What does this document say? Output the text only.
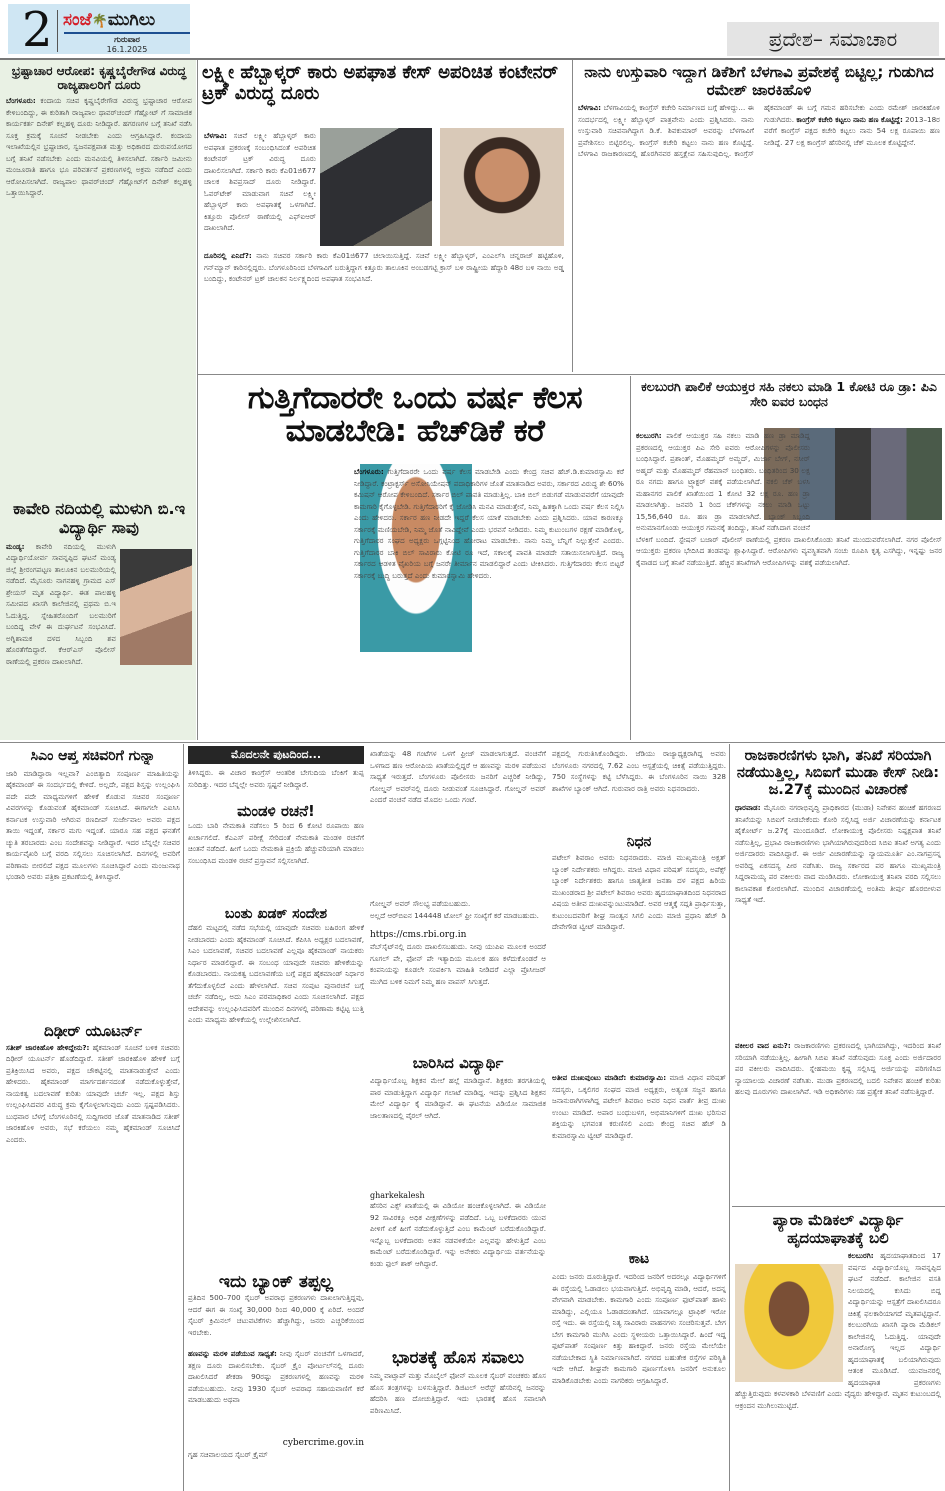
2 ಸಂಜೆ🌴ಮುಗಿಲು
ಗುರುವಾರ
16.1.2025	ಪ್ರದೇಶ– ಸಮಾಚಾರ
ಭ್ರಷ್ಟಾಚಾರ ಆರೋಪ: ಕೃಷ್ಣಬೈರೇಗೌಡ ವಿರುದ್ಧ ರಾಜ್ಯಪಾಲರಿಗೆ ದೂರು
ಬೆಂಗಳೂರು: ಕಂದಾಯ ಸಚಿವ ಕೃಷ್ಣಬೈರೇಗೌಡ ವಿರುದ್ಧ ಭ್ರಷ್ಟಾಚಾರ ಆರೋಪ ಕೇಳಿಬಂದಿದ್ದು, ಈ ಕುರಿತಾಗಿ ರಾಜ್ಯಪಾಲ ಥಾವರ್‌ಚಂದ್ ಗೆಹ್ಲೋಟ್ ಗೆ ಸಾಮಾಜಿಕ ಕಾರ್ಯಕರ್ತ ದಿನೇಶ್ ಕಲ್ಲಹಳ್ಳಿ ದೂರು ನೀಡಿದ್ದಾರೆ. ಹಗರಣಗಳ ಬಗ್ಗೆ ತನಿಖೆ ನಡೆಸಿ ಸೂಕ್ತ ಕ್ರಮಕ್ಕೆ ಸೂಚನೆ ನೀಡಬೇಕು ಎಂದು ಆಗ್ರಹಿಸಿದ್ದಾರೆ. ಕಂದಾಯ ಇಲಾಖೆಯಲ್ಲಿನ ಭ್ರಷ್ಟಾಚಾರ, ಸ್ವಜನಪಕ್ಷಪಾತ ಮತ್ತು ಅಧಿಕಾರದ ದುರುಪಯೋಗದ ಬಗ್ಗೆ ತನಿಖೆ ನಡೆಸಬೇಕು ಎಂದು ಮನವಿಯಲ್ಲಿ ತಿಳಿಸಲಾಗಿದೆ. ಸರ್ಕಾರಿ ಜಮೀನು ಮಂಜೂರಾತಿ ಹಾಗೂ ಭೂ ಪರಿವರ್ತನೆ ಪ್ರಕರಣಗಳಲ್ಲಿ ಅಕ್ರಮ ನಡೆದಿದೆ ಎಂದು ಆರೋಪಿಸಲಾಗಿದೆ. ರಾಜ್ಯಪಾಲ ಥಾವರ್‌ಚಂದ್ ಗೆಹ್ಲೋಟ್‌ಗೆ ದಿನೇಶ್ ಕಲ್ಲಹಳ್ಳಿ ಒತ್ತಾಯಿಸಿದ್ದಾರೆ.
ಕಾವೇರಿ ನದಿಯಲ್ಲಿ ಮುಳುಗಿ ಬಿ.ಇ ವಿದ್ಯಾರ್ಥಿ ಸಾವು
ಮಂಡ್ಯ: ಕಾವೇರಿ ನದಿಯಲ್ಲಿ ಮುಳುಗಿ ವಿದ್ಯಾರ್ಥಿಯೋರ್ವ ಸಾವನ್ನಪ್ಪಿದ ಘಟನೆ ಮಂಡ್ಯ ಜಿಲ್ಲೆ ಶ್ರೀರಂಗಪಟ್ಟಣ ತಾಲೂಕಿನ ಬಲಮುರಿಯಲ್ಲಿ ನಡೆದಿದೆ. ಮೈಸೂರು ನಾಗನಹಳ್ಳಿ ಗ್ರಾಮದ ಎಸ್ ಶ್ರೇಯಸ್ ಮೃತ ವಿದ್ಯಾರ್ಥಿ. ಈತ ಪಾಲಹಳ್ಳಿ ಸಮೀಪದ ಖಾಸಗಿ ಕಾಲೇಜಿನಲ್ಲಿ ಪ್ರಥಮ ಬಿ.ಇ ಓದುತ್ತಿದ್ದ. ಸ್ನೇಹಿತರೊಂದಿಗೆ ಬಲಮುರಿಗೆ ಬಂದಿದ್ದ ವೇಳೆ ಈ ದುರ್ಘಟನೆ ಸಂಭವಿಸಿದೆ. ಅಗ್ನಿಶಾಮಕ ದಳದ ಸಿಬ್ಬಂದಿ ಶವ ಹೊರತೆಗೆದಿದ್ದಾರೆ. ಕೆಆರ್‌ಎಸ್ ಪೊಲೀಸ್ ಠಾಣೆಯಲ್ಲಿ ಪ್ರಕರಣ ದಾಖಲಾಗಿದೆ.
ಲಕ್ಷ್ಮೀ ಹೆಬ್ಬಾಳ್ಕರ್ ಕಾರು ಅಪಘಾತ ಕೇಸ್ ಅಪರಿಚಿತ ಕಂಟೇನರ್ ಟ್ರಕ್ ವಿರುದ್ಧ ದೂರು
ಬೆಳಗಾವಿ: ಸಚಿವೆ ಲಕ್ಷ್ಮೀ ಹೆಬ್ಬಾಳ್ಕರ್ ಕಾರು ಅಪಘಾತ ಪ್ರಕರಣಕ್ಕೆ ಸಂಬಂಧಿಸಿದಂತೆ ಅಪರಿಚಿತ ಕಂಟೇನರ್ ಟ್ರಕ್ ವಿರುದ್ಧ ದೂರು ದಾಖಲಿಸಲಾಗಿದೆ. ಸರ್ಕಾರಿ ಕಾರು ಕೆಎ01ಜಿ677 ಚಾಲಕ ಶಿವಪ್ರಸಾದ್ ದೂರು ನೀಡಿದ್ದಾರೆ. ಓವರ್‌ಟೇಕ್ ಮಾಡುವಾಗ ಸಚಿವೆ ಲಕ್ಷ್ಮೀ ಹೆಬ್ಬಾಳ್ಕರ್ ಕಾರು ಅಪಘಾತಕ್ಕೆ ಒಳಗಾಗಿದೆ. ಕಿತ್ತೂರು ಪೊಲೀಸ್ ಠಾಣೆಯಲ್ಲಿ ಎಫ್‌ಐಆರ್ ದಾಖಲಾಗಿದೆ.
ದೂರಿನಲ್ಲಿ ಏನಿದೆ?: ನಾನು ಸಚಿವರ ಸರ್ಕಾರಿ ಕಾರು ಕೆಎ01ಜಿ677 ಚಲಾಯಿಸುತ್ತಿದ್ದೆ. ಸಚಿವೆ ಲಕ್ಷ್ಮೀ ಹೆಬ್ಬಾಳ್ಕರ್, ಎಂಎಲ್‌ಸಿ ಚನ್ನರಾಜ್ ಹಟ್ಟಿಹೊಳಿ, ಗನ್‌ಮ್ಯಾನ್ ಕಾರಿನಲ್ಲಿದ್ದರು. ಬೆಂಗಳೂರಿನಿಂದ ಬೆಳಗಾವಿಗೆ ಬರುತ್ತಿದ್ದಾಗ ಕಿತ್ತೂರು ತಾಲೂಕಿನ ಅಂಬಡಗಟ್ಟಿ ಕ್ರಾಸ್ ಬಳಿ ರಾಷ್ಟ್ರೀಯ ಹೆದ್ದಾರಿ 48ರ ಬಳಿ ನಾಯಿ ಅಡ್ಡ ಬಂದಿದ್ದು, ಕಂಟೇನರ್ ಟ್ರಕ್ ಚಾಲಕನ ನಿರ್ಲಕ್ಷ್ಯದಿಂದ ಅಪಘಾತ ಸಂಭವಿಸಿದೆ.
ನಾನು ಉಸ್ತುವಾರಿ ಇದ್ದಾಗ ಡಿಕೆಶಿಗೆ ಬೆಳಗಾವಿ ಪ್ರವೇಶಕ್ಕೆ ಬಿಟ್ಟಿಲ್ಲ; ಗುಡುಗಿದ ರಮೇಶ್ ಜಾರಕಿಹೊಳಿ
ಬೆಳಗಾವಿ: ಬೆಳಗಾವಿಯಲ್ಲಿ ಕಾಂಗ್ರೆಸ್ ಕಚೇರಿ ನಿರ್ಮಾಣದ ಬಗ್ಗೆ ಹೇಳಿದ್ದು... ಈ ಸಂದರ್ಭದಲ್ಲಿ ಲಕ್ಷ್ಮೀ ಹೆಬ್ಬಾಳ್ಕರ್ ಪಾತ್ರವೇನು ಎಂದು ಪ್ರಶ್ನಿಸಿದರು. ನಾನು ಉಸ್ತುವಾರಿ ಸಚಿವನಾಗಿದ್ದಾಗ ಡಿ.ಕೆ. ಶಿವಕುಮಾರ್ ಅವರನ್ನು ಬೆಳಗಾವಿಗೆ ಪ್ರವೇಶಿಸಲು ಬಿಟ್ಟಿರಲಿಲ್ಲ. ಕಾಂಗ್ರೆಸ್ ಕಚೇರಿ ಕಟ್ಟಲು ನಾನು ಹಣ ಕೊಟ್ಟಿದ್ದೆ. ಬೆಳಗಾವಿ ರಾಜಕಾರಣದಲ್ಲಿ ಹೊರಗಿನವರ ಹಸ್ತಕ್ಷೇಪ ಸಹಿಸುವುದಿಲ್ಲ. ಕಾಂಗ್ರೆಸ್ ಹೈಕಮಾಂಡ್ ಈ ಬಗ್ಗೆ ಗಮನ ಹರಿಸಬೇಕು ಎಂದು ರಮೇಶ್ ಜಾರಕಿಹೊಳಿ ಗುಡುಗಿದರು. ಕಾಂಗ್ರೆಸ್ ಕಚೇರಿ ಕಟ್ಟಲು ನಾನು ಹಣ ಕೊಟ್ಟಿದ್ದೆ: 2013–18ರ ವರೆಗೆ ಕಾಂಗ್ರೆಸ್ ಪಕ್ಷದ ಕಚೇರಿ ಕಟ್ಟಲು ನಾನು 54 ಲಕ್ಷ ರೂಪಾಯಿ ಹಣ ನೀಡಿದ್ದೆ. 27 ಲಕ್ಷ ಕಾಂಗ್ರೆಸ್ ಹೆಸರಿನಲ್ಲಿ ಚೆಕ್ ಮೂಲಕ ಕೊಟ್ಟಿದ್ದೇನೆ.
ಗುತ್ತಿಗೆದಾರರೇ ಒಂದು ವರ್ಷ ಕೆಲಸ ಮಾಡಬೇಡಿ: ಹೆಚ್‌ಡಿಕೆ ಕರೆ
ಬೆಂಗಳೂರು: ಗುತ್ತಿಗೆದಾರರೇ ಒಂದು ವರ್ಷ ಕೆಲಸ ಮಾಡಬೇಡಿ ಎಂದು ಕೇಂದ್ರ ಸಚಿವ ಹೆಚ್.ಡಿ.ಕುಮಾರಸ್ವಾಮಿ ಕರೆ ನೀಡಿದ್ದಾರೆ. ಕಂಟ್ರಾಕ್ಟರ್ಸ್ ಅಸೋಸಿಯೇಷನ್ ಪದಾಧಿಕಾರಿಗಳ ಜೊತೆ ಮಾತನಾಡಿದ ಅವರು, ಸರ್ಕಾರದ ವಿರುದ್ಧ ಶೇ 60% ಕಮಿಷನ್ ಆರೋಪ ಕೇಳಿಬಂದಿದೆ. ಸರ್ಕಾರ ಬಿಲ್ ಪಾವತಿ ಮಾಡುತ್ತಿಲ್ಲ. ಬಾಕಿ ಬಿಲ್ ಬಿಡುಗಡೆ ಮಾಡುವವರೆಗೆ ಯಾವುದೇ ಕಾಮಗಾರಿ ಕೈಗೊಳ್ಳಬೇಡಿ. ಗುತ್ತಿಗೆದಾರರಿಗೆ ಕೈ ಜೋಡಿಸಿ ಮನವಿ ಮಾಡುತ್ತೇನೆ, ನಿಮ್ಮ ಹಿತಕ್ಕಾಗಿ ಒಂದು ವರ್ಷ ಕೆಲಸ ನಿಲ್ಲಿಸಿ ಎಂದು ಹೇಳಿದರು. ಸರ್ಕಾರ ಹಣ ನೀಡದೇ ಇದ್ದರೆ ಕೆಲಸ ಯಾಕೆ ಮಾಡಬೇಕು ಎಂದು ಪ್ರಶ್ನಿಸಿದರು. ಯಾವ ಕಾರಣಕ್ಕೂ ಸರ್ಕಾರಕ್ಕೆ ಮಣಿಯಬೇಡಿ, ನಿಮ್ಮ ಜೊತೆ ನಾವಿದ್ದೇವೆ ಎಂದು ಭರವಸೆ ನೀಡಿದರು. ನಿಮ್ಮ ಕುಟುಂಬಗಳ ರಕ್ಷಣೆ ಮಾಡಿಕೊಳ್ಳಿ, ಗುತ್ತಿಗೆದಾರರ ಸಂಘದ ಅಧ್ಯಕ್ಷರು ಒಗ್ಗಟ್ಟಿನಿಂದ ಹೋರಾಟ ಮಾಡಬೇಕು. ನಾನು ನಿಮ್ಮ ಬೆನ್ನಿಗೆ ನಿಲ್ಲುತ್ತೇನೆ ಎಂದರು. ಗುತ್ತಿಗೆದಾರರ ಬಾಕಿ ಬಿಲ್ ಸಾವಿರಾರು ಕೋಟಿ ರೂ ಇದೆ, ಸಕಾಲಕ್ಕೆ ಪಾವತಿ ಮಾಡದೇ ಸತಾಯಿಸಲಾಗುತ್ತಿದೆ. ರಾಜ್ಯ ಸರ್ಕಾರದ ಆಡಳಿತ ವೈಖರಿಯ ಬಗ್ಗೆ ಜನರೇ ತೀರ್ಮಾನ ಮಾಡಲಿದ್ದಾರೆ ಎಂದು ಟೀಕಿಸಿದರು. ಗುತ್ತಿಗೆದಾರರು ಕೆಲಸ ಬಿಟ್ಟರೆ ಸರ್ಕಾರಕ್ಕೆ ಬುದ್ಧಿ ಬರುತ್ತದೆ ಎಂದು ಕುಮಾರಸ್ವಾಮಿ ಹೇಳಿದರು.
ಕಲಬುರಗಿ ಪಾಲಿಕೆ ಆಯುಕ್ತರ ಸಹಿ ನಕಲು ಮಾಡಿ 1 ಕೋಟಿ ರೂ ಡ್ರಾ: ಪಿಎ ಸೇರಿ ಐವರ ಬಂಧನ
ಕಲಬುರಗಿ: ಪಾಲಿಕೆ ಆಯುಕ್ತರ ಸಹಿ ನಕಲು ಮಾಡಿ ಹಣ ಡ್ರಾ ಮಾಡಿದ್ದ ಪ್ರಕರಣದಲ್ಲಿ ಆಯುಕ್ತರ ಪಿಎ ಸೇರಿ ಐವರು ಆರೋಪಿಗಳನ್ನು ಪೊಲೀಸರು ಬಂಧಿಸಿದ್ದಾರೆ. ಪ್ರಶಾಂತ್, ಮೊಹಮ್ಮದ್ ಅಮ್ಜದ್, ಮಿರ್ಜಾ ಬೇಗ್, ನಸೀರ್ ಅಹ್ಮದ್ ಮತ್ತು ಮೊಹಮ್ಮದ್ ರೆಹಮಾನ್ ಬಂಧಿತರು. ಬಂಧಿತರಿಂದ 30 ಲಕ್ಷ ರೂ ನಗದು ಹಾಗೂ ಟ್ರ್ಯಾಕ್ಟರ್ ವಶಕ್ಕೆ ಪಡೆಯಲಾಗಿದೆ. ನಕಲಿ ಚೆಕ್ ಬಳಸಿ ಮಹಾನಗರ ಪಾಲಿಕೆ ಖಾತೆಯಿಂದ 1 ಕೋಟಿ 32 ಲಕ್ಷ ರೂ. ಹಣ ಡ್ರಾ ಮಾಡಲಾಗಿತ್ತು. ಜನವರಿ 1 ರಿಂದ ಚೆಕ್‌ಗಳನ್ನು ನಕಲು ಮಾಡಿ ಒಟ್ಟು 15,56,640 ರೂ. ಹಣ ಡ್ರಾ ಮಾಡಲಾಗಿದೆ. ಬ್ಯಾಂಕ್ ಸಿಬ್ಬಂದಿ ಅನುಮಾನಗೊಂಡು ಆಯುಕ್ತರ ಗಮನಕ್ಕೆ ತಂದಿದ್ದು, ತನಿಖೆ ನಡೆಸಿದಾಗ ವಂಚನೆ ಬೆಳಕಿಗೆ ಬಂದಿದೆ. ಸ್ಟೇಷನ್ ಬಜಾರ್ ಪೊಲೀಸ್ ಠಾಣೆಯಲ್ಲಿ ಪ್ರಕರಣ ದಾಖಲಿಸಿಕೊಂಡು ತನಿಖೆ ಮುಂದುವರೆಸಲಾಗಿದೆ. ನಗರ ಪೊಲೀಸ್ ಆಯುಕ್ತರು ಪ್ರಕರಣ ಭೇದಿಸಿದ ತಂಡವನ್ನು ಶ್ಲಾಘಿಸಿದ್ದಾರೆ. ಆರೋಪಿಗಳು ವ್ಯವಸ್ಥಿತವಾಗಿ ಸಂಚು ರೂಪಿಸಿ ಕೃತ್ಯ ಎಸಗಿದ್ದು, ಇನ್ನಷ್ಟು ಜನರ ಕೈವಾಡದ ಬಗ್ಗೆ ತನಿಖೆ ನಡೆಯುತ್ತಿದೆ. ಹೆಚ್ಚಿನ ತನಿಖೆಗಾಗಿ ಆರೋಪಿಗಳನ್ನು ವಶಕ್ಕೆ ಪಡೆಯಲಾಗಿದೆ.
ಸಿಎಂ ಆಪ್ತ ಸಚಿವರಿಗೆ ಗುನ್ನಾ
ಜಾರಿ ಮಾಡಿದ್ದಾರಾ ಇಲ್ಲವಾ? ಎಂಬಿತ್ಯಾದಿ ಸಂಪೂರ್ಣ ಮಾಹಿತಿಯನ್ನು ಹೈಕಮಾಂಡ್ ಈ ಸಂದರ್ಭದಲ್ಲಿ ಕೇಳಿದೆ. ಅಲ್ಲದೇ, ಪಕ್ಷದ ಶಿಸ್ತನ್ನು ಉಲ್ಲಂಘಿಸಿ ಪದೇ ಪದೇ ಮಾಧ್ಯಮಗಳಿಗೆ ಹೇಳಿಕೆ ಕೊಡುವ ಸಚಿವರ ಸಂಪೂರ್ಣ ವಿವರಗಳನ್ನು ಕೊಡುವಂತೆ ಹೈಕಮಾಂಡ್ ಸೂಚಿಸಿದೆ. ಈಗಾಗಲೇ ಎಐಸಿಸಿ ಕರ್ನಾಟಕ ಉಸ್ತುವಾರಿ ಆಗಿರುವ ರಣದೀಪ್ ಸುರ್ಜೇವಾಲ ಅವರು ಪಕ್ಷದ ತಾಯಿ ಇದ್ದಂತೆ, ಸರ್ಕಾರ ಮಗು ಇದ್ದಂತೆ. ಯಾರೂ ಸಹ ಪಕ್ಷದ ಘನತೆಗೆ ಚ್ಯುತಿ ತರಬಾರದು ಎಂಬ ಸಂದೇಶವನ್ನು ನೀಡಿದ್ದಾರೆ. ಇದರ ಬೆನ್ನಲ್ಲೇ ಸಚಿವರ ಕಾರ್ಯವೈಖರಿ ಬಗ್ಗೆ ವರದಿ ಸಲ್ಲಿಸಲು ಸೂಚಿಸಲಾಗಿದೆ. ದಿನಗಳಲ್ಲಿ ಅವರಿಗೆ ಪರಿಣಾಮ ಬೀರಲಿದೆ ಪಕ್ಷದ ಮೂಲಗಳು ಸೂಚಿಸಿದ್ದಾರೆ ಎಂದು ಮಂಜುನಾಥ ಭಂಡಾರಿ ಅವರು ಪತ್ರಿಕಾ ಪ್ರಕಟಣೆಯಲ್ಲಿ ತಿಳಿಸಿದ್ದಾರೆ.
ದಿಢೀರ್ ಯೂಟರ್ನ್
ಸತೀಶ್ ಜಾರಕಿಹೊಳಿ ಹೇಳಿದ್ದೇನು?: ಹೈಕಮಾಂಡ್ ಸೂಚನೆ ಬಳಿಕ ಸಚಿವರು ದಿಢೀರ್ ಯೂಟರ್ನ್ ಹೊಡೆದಿದ್ದಾರೆ. ಸತೀಶ್ ಜಾರಕಿಹೊಳಿ ಹೇಳಿಕೆ ಬಗ್ಗೆ ಪ್ರತಿಕ್ರಿಯಿಸಿದ ಅವರು, ಪಕ್ಷದ ಚೌಕಟ್ಟಿನಲ್ಲಿ ಮಾತನಾಡುತ್ತೇವೆ ಎಂದು ಹೇಳಿದರು. ಹೈಕಮಾಂಡ್ ಮಾರ್ಗದರ್ಶನದಂತೆ ನಡೆದುಕೊಳ್ಳುತ್ತೇವೆ, ನಾಯಕತ್ವ ಬದಲಾವಣೆ ಕುರಿತು ಯಾವುದೇ ಚರ್ಚೆ ಇಲ್ಲ. ಪಕ್ಷದ ಶಿಸ್ತು ಉಲ್ಲಂಘಿಸಿದವರ ವಿರುದ್ಧ ಕ್ರಮ ಕೈಗೊಳ್ಳಲಾಗುವುದು ಎಂದು ಸ್ಪಷ್ಟಪಡಿಸಿದರು. ಬುಧವಾರ ಬೆಳಗ್ಗೆ ಬೆಂಗಳೂರಿನಲ್ಲಿ ಸುದ್ದಿಗಾರರ ಜೊತೆ ಮಾತನಾಡಿದ ಸತೀಶ್ ಜಾರಕಿಹೊಳಿ ಅವರು, ಸಭೆ ಕರೆಯಲು ನಮ್ಮ ಹೈಕಮಾಂಡ್ ಸೂಚಿಸಿದೆ ಎಂದರು.
ಮೊದಲನೇ ಪುಟದಿಂದ...
ತಿಳಿಸಿದ್ದರು. ಈ ವಿಚಾರ ಕಾಂಗ್ರೆಸ್ ಆಂತರಿಕ ಬೇಗುದಿಯ ಬೆಂಕಿಗೆ ತುಪ್ಪ ಸುರಿದಿತ್ತು. ಇದರ ಬೆನ್ನಲ್ಲೇ ಅವರು ಸ್ಪಷ್ಟನೆ ನೀಡಿದ್ದಾರೆ.
ಮಂಡಳಿ ರಚನೆ!
ಒಂದು ಬಾರಿ ನೇಮಕಾತಿ ನಡೆಸಲು 5 ರಿಂದ 6 ಕೋಟಿ ರೂಪಾಯಿ ಹಣ ಖರ್ಚಾಗಲಿದೆ. ಕೆಎಎಸ್ ಪರೀಕ್ಷೆ ಸೇರಿದಂತೆ ನೇಮಕಾತಿ ಮಂಡಳಿ ರಚನೆಗೆ ಚಿಂತನೆ ನಡೆದಿದೆ. ಹೀಗೆ ಒಂದು ನೇಮಕಾತಿ ಪ್ರಕ್ರಿಯೆ ಹೆಚ್ಚುವರಿಯಾಗಿ ಮಾಡಲು ಸಂಬಂಧಿಸಿದ ಮಂಡಳಿ ರಚನೆ ಪ್ರಸ್ತಾವನೆ ಸಲ್ಲಿಸಲಾಗಿದೆ.
ಬಂತು ಖಡಕ್ ಸಂದೇಶ
ದೆಹಲಿ ಮಟ್ಟದಲ್ಲಿ ನಡೆದ ಸಭೆಯಲ್ಲಿ ಯಾವುದೇ ಸಚಿವರು ಬಹಿರಂಗ ಹೇಳಿಕೆ ನೀಡಬಾರದು ಎಂದು ಹೈಕಮಾಂಡ್ ಸೂಚಿಸಿದೆ. ಕೆಪಿಸಿಸಿ ಅಧ್ಯಕ್ಷರ ಬದಲಾವಣೆ, ಸಿಎಂ ಬದಲಾವಣೆ, ಸಚಿವರ ಬದಲಾವಣೆ ಎಲ್ಲವೂ ಹೈಕಮಾಂಡ್ ನಾಯಕರು ನಿರ್ಧಾರ ಮಾಡಲಿದ್ದಾರೆ. ಈ ಸಂಬಂಧ ಯಾವುದೇ ಸಚಿವರು ಹೇಳಿಕೆಯನ್ನು ಕೊಡಬಾರದು. ನಾಯಕತ್ವ ಬದಲಾವಣೆಯ ಬಗ್ಗೆ ಪಕ್ಷದ ಹೈಕಮಾಂಡ್ ನಿರ್ಧಾರ ತೆಗೆದುಕೊಳ್ಳಲಿದೆ ಎಂದು ಹೇಳಲಾಗಿದೆ. ಸಚಿವ ಸಂಪುಟ ಪುನಾರಚನೆ ಬಗ್ಗೆ ಚರ್ಚೆ ನಡೆದಿಲ್ಲ, ಅದು ಸಿಎಂ ಪರಮಾಧಿಕಾರ ಎಂದು ಸೂಚಿಸಲಾಗಿದೆ. ಪಕ್ಷದ ಆದೇಶವನ್ನು ಉಲ್ಲಂಘಿಸಿದವರಿಗೆ ಮುಂದಿನ ದಿನಗಳಲ್ಲಿ ಪರಿಣಾಮ ಕಟ್ಟಿಟ್ಟ ಬುತ್ತಿ ಎಂದು ಮಾಧ್ಯಮ ಹೇಳಿಕೆಯಲ್ಲಿ ಉಲ್ಲೇಖಿಸಲಾಗಿದೆ.
ಇದು ಬ್ಯಾಂಕ್ ತಪ್ಪಲ್ಲ
ಪ್ರತಿದಿನ 500–700 ಸೈಬರ್ ಅಪರಾಧ ಪ್ರಕರಣಗಳು ದಾಖಲಾಗುತ್ತಿದ್ದವು, ಆದರೆ ಈಗ ಈ ಸಂಖ್ಯೆ 30,000 ರಿಂದ 40,000 ಕ್ಕೆ ಏರಿದೆ. ಅಂದರೆ ಸೈಬರ್ ಕ್ರಿಮಿನಲ್ ಚಟುವಟಿಕೆಗಳು ಹೆಚ್ಚಾಗಿದ್ದು, ಜನರು ಎಚ್ಚರಿಕೆಯಿಂದ ಇರಬೇಕು.
ಹಣವನ್ನು ಮರಳಿ ಪಡೆಯುವ ಸಾಧ್ಯತೆ: ನೀವು ಸೈಬರ್ ವಂಚನೆಗೆ ಒಳಗಾದರೆ, ತಕ್ಷಣ ದೂರು ದಾಖಲಿಸಬೇಕು. ಸೈಬರ್ ಕ್ರೈಂ ಪೋರ್ಟಲ್‌ನಲ್ಲಿ ದೂರು ದಾಖಲಿಸಿದರೆ ಶೇಕಡಾ 90ರಷ್ಟು ಪ್ರಕರಣಗಳಲ್ಲಿ ಹಣವನ್ನು ಮರಳಿ ಪಡೆಯಬಹುದು. ನೀವು 1930 ಸೈಬರ್ ಅಪರಾಧ ಸಹಾಯವಾಣಿಗೆ ಕರೆ ಮಾಡಬಹುದು ಅಥವಾ
cybercrime.gov.in
ಗೃಹ ಸಚಿವಾಲಯದ ಸೈಬರ್ ಕ್ರೈಮ್
ಖಾತೆಯನ್ನು 48 ಗಂಟೆಗಳ ಒಳಗೆ ಫ್ರೀಜ್ ಮಾಡಲಾಗುತ್ತದೆ. ವಂಚನೆಗೆ ಒಳಗಾದ ಹಣ ಆರೋಪಿಯ ಖಾತೆಯಲ್ಲಿದ್ದರೆ ಆ ಹಣವನ್ನು ಮರಳಿ ಪಡೆಯುವ ಸಾಧ್ಯತೆ ಇರುತ್ತದೆ. ಬೆಂಗಳೂರು ಪೊಲೀಸರು ಜನರಿಗೆ ಎಚ್ಚರಿಕೆ ನೀಡಿದ್ದು, ಗೋಲ್ಡನ್ ಅವರ್‌ನಲ್ಲಿ ದೂರು ನೀಡುವಂತೆ ಸೂಚಿಸಿದ್ದಾರೆ. ಗೋಲ್ಡನ್ ಅವರ್ ಎಂದರೆ ವಂಚನೆ ನಡೆದ ಮೊದಲ ಒಂದು ಗಂಟೆ.
ಗೋಲ್ಡನ್ ಅವರ್ ಸೌಲಭ್ಯ ಪಡೆಯಬಹುದು.
ಅಲ್ಲದೆ ಆರ್‌ಬಿಐನ 144448 ಟೋಲ್ ಫ್ರೀ ಸಂಖ್ಯೆಗೆ ಕರೆ ಮಾಡಬಹುದು.
https://cms.rbi.org.in
ವೆಬ್‌ಸೈಟ್‌ನಲ್ಲಿ ದೂರು ದಾಖಲಿಸಬಹುದು. ನೀವು ಯುಪಿಐ ಮೂಲಕ ಅಂದರೆ ಗೂಗಲ್ ಪೇ, ಫೋನ್ ಪೇ ಇತ್ಯಾದಿಯ ಮೂಲಕ ಹಣ ಕಳೆದುಕೊಂಡರೆ ಆ ಕಂಪನಿಯನ್ನು ಕೂಡಲೇ ಸಂಪರ್ಕಿಸಿ ಮಾಹಿತಿ ನೀಡಿದರೆ ಎಲ್ಲಾ ಪ್ರೊಸೀಜರ್ ಮುಗಿದ ಬಳಿಕ ನಿಮಗೆ ನಿಮ್ಮ ಹಣ ವಾಪಸ್ ಸಿಗುತ್ತದೆ.
ಬಾರಿಸಿದ ವಿದ್ಯಾರ್ಥಿ
ವಿದ್ಯಾರ್ಥಿಯೊಬ್ಬ ಶಿಕ್ಷಕನ ಮೇಲೆ ಹಲ್ಲೆ ಮಾಡಿದ್ದಾನೆ. ಶಿಕ್ಷಕರು ತರಗತಿಯಲ್ಲಿ ಪಾಠ ಮಾಡುತ್ತಿದ್ದಾಗ ವಿದ್ಯಾರ್ಥಿ ಗಲಾಟೆ ಮಾಡಿದ್ದ. ಇದನ್ನು ಪ್ರಶ್ನಿಸಿದ ಶಿಕ್ಷಕನ ಮೇಲೆ ವಿದ್ಯಾರ್ಥಿ ಕೈ ಮಾಡಿದ್ದಾನೆ. ಈ ಘಟನೆಯ ವಿಡಿಯೋ ಸಾಮಾಜಿಕ ಜಾಲತಾಣದಲ್ಲಿ ವೈರಲ್ ಆಗಿದೆ.
gharkekalesh
ಹೆಸರಿನ ಎಕ್ಸ್ ಖಾತೆಯಲ್ಲಿ ಈ ವಿಡಿಯೋ ಹಂಚಿಕೊಳ್ಳಲಾಗಿದೆ. ಈ ವಿಡಿಯೋ 92 ಸಾವಿರಕ್ಕೂ ಅಧಿಕ ವೀಕ್ಷಣೆಗಳನ್ನು ಪಡೆದಿದೆ. ಒಬ್ಬ ಬಳಕೆದಾರರು ಯುವ ಪೀಳಿಗೆ ಏಕೆ ಹೀಗೆ ನಡೆದುಕೊಳ್ಳುತ್ತಿದೆ ಎಂಬ ಕಾಮೆಂಟ್ ಬರೆದುಕೊಂಡಿದ್ದಾರೆ. ಇನ್ನೊಬ್ಬ ಬಳಕೆದಾರರು ಅತನ ನಡವಳಿಕೆಯೇ ಎಲ್ಲವನ್ನು ಹೇಳುತ್ತಿದೆ ಎಂಬ ಕಾಮೆಂಟ್ ಬರೆದುಕೊಂಡಿದ್ದಾರೆ. ಇನ್ನು ಅನೇಕರು ವಿದ್ಯಾರ್ಥಿಯ ವರ್ತನೆಯನ್ನು ಕಂಡು ಫುಲ್ ಶಾಕ್ ಆಗಿದ್ದಾರೆ.
ಭಾರತಕ್ಕೆ ಹೊಸ ಸವಾಲು
ನಿಮ್ಮ ವಾಟ್ಸಾಪ್ ಮತ್ತು ಮೊಬೈಲ್ ಫೋನ್ ಮೂಲಕ ಸೈಬರ್ ವಂಚಕರು ಹೊಸ ಹೊಸ ತಂತ್ರಗಳನ್ನು ಬಳಸುತ್ತಿದ್ದಾರೆ. ಡಿಜಿಟಲ್ ಅರೆಸ್ಟ್ ಹೆಸರಿನಲ್ಲಿ ಜನರನ್ನು ಹೆದರಿಸಿ ಹಣ ದೋಚುತ್ತಿದ್ದಾರೆ. ಇದು ಭಾರತಕ್ಕೆ ಹೊಸ ಸವಾಲಾಗಿ ಪರಿಣಮಿಸಿದೆ.
ಪಕ್ಷದಲ್ಲಿ ಗುರುತಿಸಿಕೊಂಡಿದ್ದರು. ಜೆಡಿಯು ರಾಜ್ಯಾಧ್ಯಕ್ಷರಾಗಿದ್ದ ಅವರು ಬೆಂಗಳೂರು ನಗರದಲ್ಲಿ 7.62 ಎಂಬ ಆಸ್ಪತ್ರೆಯಲ್ಲಿ ಚಿಕಿತ್ಸೆ ಪಡೆಯುತ್ತಿದ್ದರು. 750 ಸಂಸ್ಥೆಗಳನ್ನು ಕಟ್ಟಿ ಬೆಳೆಸಿದ್ದರು. ಈ ಬೆಂಗಳೂರಿನ ನಾಯಿ 328 ಶಾಖೆಗಳ ಬ್ಯಾಂಕ್ ಆಗಿದೆ. ಗುರುವಾರ ರಾತ್ರಿ ಅವರು ನಿಧನರಾದರು.
ನಿಧನ
ಪಟೇಲ್ ಶಿವರಾಂ ಅವರು ನಿಧನರಾದರು. ಮಾಜಿ ಮುಖ್ಯಮಂತ್ರಿ ಅಕ್ಷತ್ ಬ್ಯಾಂಕ್ ನಿರ್ದೇಶಕರು ಆಗಿದ್ದರು. ಮಾಜಿ ವಿಧಾನ ಪರಿಷತ್ ಸದಸ್ಯರು, ಅಪೆಕ್ಸ್ ಬ್ಯಾಂಕ್ ನಿರ್ದೇಶಕರು ಹಾಗೂ ಜಾತ್ಯತೀತ ಜನತಾ ದಳ ಪಕ್ಷದ ಹಿರಿಯ ಮುಖಂಡರಾದ ಶ್ರೀ ಪಟೇಲ್ ಶಿವರಾಂ ಅವರು ಹೃದಯಾಘಾತದಿಂದ ನಿಧನರಾದ ವಿಷಯ ಅತೀವ ದುಃಖವನ್ನುಂಟುಮಾಡಿದೆ. ಅವರ ಆತ್ಮಕ್ಕೆ ಸದ್ಗತಿ ಪ್ರಾರ್ಥಿಸುತ್ತಾ, ಕುಟುಂಬದವರಿಗೆ ಶೀಘ್ರ ಸಾಂತ್ವನ ಸಿಗಲಿ ಎಂದು ಮಾಜಿ ಪ್ರಧಾನಿ ಹೆಚ್ ಡಿ ದೇವೇಗೌಡ ಟ್ವೀಟ್ ಮಾಡಿದ್ದಾರೆ.
ಅತೀವ ದುಃಖವುಂಟು ಮಾಡಿದೆ: ಕುಮಾರಸ್ವಾಮಿ: ಮಾಜಿ ವಿಧಾನ ಪರಿಷತ್ ಸದಸ್ಯರು, ಒಕ್ಕಲಿಗರ ಸಂಘದ ಮಾಜಿ ಅಧ್ಯಕ್ಷರು, ಅತ್ಯಂತ ಸಜ್ಜನ ಹಾಗೂ ಜನಾನುರಾಗಿಗಳಾಗಿದ್ದ ಪಟೇಲ್ ಶಿವರಾಂ ಅವರ ನಿಧನ ವಾರ್ತೆ ತೀವ್ರ ದುಃಖ ಉಂಟು ಮಾಡಿದೆ. ಅಪಾರ ಬಂಧುಬಳಗ, ಅಭಿಮಾನಿಗಳಿಗೆ ದುಃಖ ಭರಿಸುವ ಶಕ್ತಿಯನ್ನು ಭಗವಂತ ಕರುಣಿಸಲಿ ಎಂದು ಕೇಂದ್ರ ಸಚಿವ ಹೆಚ್ ಡಿ ಕುಮಾರಸ್ವಾಮಿ ಟ್ವೀಟ್ ಮಾಡಿದ್ದಾರೆ.
ಕಾಟ
ಎಂದು ಜನರು ದೂರುತ್ತಿದ್ದಾರೆ. ಇದರಿಂದ ಜನರಿಗೆ ಅದರಲ್ಲೂ ವಿದ್ಯಾರ್ಥಿಗಳಿಗೆ ಈ ರಸ್ತೆಯಲ್ಲಿ ಓಡಾಡಲು ಭಯವಾಗುತ್ತಿದೆ. ಅಭಿವೃದ್ಧಿ ಮಾಡಿ, ಆದರೆ, ಅದನ್ನ ವೇಗವಾಗಿ ಮಾಡಬೇಕು. ಕಾಮಗಾರಿ ಎಂದು ಸಂಪೂರ್ಣ ಫುಟ್‌ಪಾತ್ ಹಾಳು ಮಾಡಿದ್ದು, ಎಲ್ಲಿಯೂ ಓಡಾಡದಂತಾಗಿದೆ. ಯಾವಾಗಲ್ಲೂ ಟ್ರಾಫಿಕ್ ಇರೋ ರಸ್ತೆ ಇದು. ಈ ರಸ್ತೆಯಲ್ಲಿ ನಿತ್ಯ ಸಾವಿರಾರು ವಾಹನಗಳು ಸಂಚರಿಸುತ್ತವೆ. ಬೇಗ ಬೇಗ ಕಾಮಗಾರಿ ಮುಗಿಸಿ ಎಂದು ಸ್ಥಳೀಯರು ಒತ್ತಾಯಿಸಿದ್ದಾರೆ. ಹಿಂದೆ ಇದ್ದ ಫುಟ್‌ಪಾತ್ ಸಂಪೂರ್ಣ ಕಿತ್ತು ಹಾಕಿದ್ದಾರೆ. ಜನರು ರಸ್ತೆಯ ಮೇಲೆಯೇ ನಡೆಯಬೇಕಾದ ಸ್ಥಿತಿ ನಿರ್ಮಾಣವಾಗಿದೆ. ನಗರದ ಬಹುತೇಕ ರಸ್ತೆಗಳ ಪರಿಸ್ಥಿತಿ ಇದೇ ಆಗಿದೆ. ಶೀಘ್ರವೇ ಕಾಮಗಾರಿ ಪೂರ್ಣಗೊಳಿಸಿ ಜನರಿಗೆ ಅನುಕೂಲ ಮಾಡಿಕೊಡಬೇಕು ಎಂದು ನಾಗರಿಕರು ಆಗ್ರಹಿಸಿದ್ದಾರೆ.
ರಾಜಕಾರಣಿಗಳು ಭಾಗಿ, ತನಿಖೆ ಸರಿಯಾಗಿ ನಡೆಯುತ್ತಿಲ್ಲ, ಸಿಬಿಐಗೆ ಮುಡಾ ಕೇಸ್ ನೀಡಿ: ಜ.27ಕ್ಕೆ ಮುಂದಿನ ವಿಚಾರಣೆ
ಧಾರವಾಡ: ಮೈಸೂರು ನಗರಾಭಿವೃದ್ಧಿ ಪ್ರಾಧಿಕಾರದ (ಮುಡಾ) ನಿವೇಶನ ಹಂಚಿಕೆ ಹಗರಣದ ತನಿಖೆಯನ್ನು ಸಿಬಿಐಗೆ ನೀಡಬೇಕೆಂದು ಕೋರಿ ಸಲ್ಲಿಸಿದ್ದ ಅರ್ಜಿ ವಿಚಾರಣೆಯನ್ನು ಕರ್ನಾಟಕ ಹೈಕೋರ್ಟ್ ಜ.27ಕ್ಕೆ ಮುಂದೂಡಿದೆ. ಲೋಕಾಯುಕ್ತ ಪೊಲೀಸರು ನಿಷ್ಪಕ್ಷಪಾತ ತನಿಖೆ ನಡೆಸುತ್ತಿಲ್ಲ, ಪ್ರಭಾವಿ ರಾಜಕಾರಣಿಗಳು ಭಾಗಿಯಾಗಿರುವುದರಿಂದ ಸಿಬಿಐ ತನಿಖೆ ಅಗತ್ಯ ಎಂದು ಅರ್ಜಿದಾರರು ವಾದಿಸಿದ್ದಾರೆ. ಈ ಅರ್ಜಿ ವಿಚಾರಣೆಯನ್ನು ನ್ಯಾಯಮೂರ್ತಿ ಎಂ.ನಾಗಪ್ರಸನ್ನ ಅವರಿದ್ದ ಏಕಸದಸ್ಯ ಪೀಠ ನಡೆಸಿತು. ರಾಜ್ಯ ಸರ್ಕಾರದ ಪರ ಹಾಗೂ ಮುಖ್ಯಮಂತ್ರಿ ಸಿದ್ದರಾಮಯ್ಯ ಪರ ವಕೀಲರು ವಾದ ಮಂಡಿಸಿದರು. ಲೋಕಾಯುಕ್ತ ತನಿಖಾ ವರದಿ ಸಲ್ಲಿಸಲು ಕಾಲಾವಕಾಶ ಕೋರಲಾಗಿದೆ. ಮುಂದಿನ ವಿಚಾರಣೆಯಲ್ಲಿ ಅಂತಿಮ ತೀರ್ಪು ಹೊರಬೀಳುವ ಸಾಧ್ಯತೆ ಇದೆ.
ವಕೀಲರ ವಾದ ಏನು?: ರಾಜಕಾರಣಿಗಳು ಪ್ರಕರಣದಲ್ಲಿ ಭಾಗಿಯಾಗಿದ್ದು, ಇದರಿಂದ ತನಿಖೆ ಸರಿಯಾಗಿ ನಡೆಯುತ್ತಿಲ್ಲ. ಹೀಗಾಗಿ ಸಿಬಿಐ ತನಿಖೆ ನಡೆಸುವುದು ಸೂಕ್ತ ಎಂದು ಅರ್ಜಿದಾರರ ಪರ ವಕೀಲರು ವಾದಿಸಿದರು. ಸ್ನೇಹಮಯಿ ಕೃಷ್ಣ ಸಲ್ಲಿಸಿದ್ದ ಅರ್ಜಿಯನ್ನು ಪರಿಗಣಿಸಿದ ನ್ಯಾಯಾಲಯ ವಿಚಾರಣೆ ನಡೆಸಿತು. ಮುಡಾ ಪ್ರಕರಣದಲ್ಲಿ ಬದಲಿ ನಿವೇಶನ ಹಂಚಿಕೆ ಕುರಿತು ಹಲವು ದೂರುಗಳು ದಾಖಲಾಗಿವೆ. ಇಡಿ ಅಧಿಕಾರಿಗಳು ಸಹ ಪ್ರತ್ಯೇಕ ತನಿಖೆ ನಡೆಸುತ್ತಿದ್ದಾರೆ.
ಪ್ಯಾರಾ ಮೆಡಿಕಲ್ ವಿದ್ಯಾರ್ಥಿ ಹೃದಯಾಘಾತಕ್ಕೆ ಬಲಿ
ಕಲಬುರಗಿ: ಹೃದಯಾಘಾತದಿಂದ 17 ವರ್ಷದ ವಿದ್ಯಾರ್ಥಿಯೊಬ್ಬ ಸಾವನ್ನಪ್ಪಿದ ಘಟನೆ ನಡೆದಿದೆ. ಕಾಲೇಜಿನ ವಸತಿ ನಿಲಯದಲ್ಲಿ ಕುಸಿದು ಬಿದ್ದ ವಿದ್ಯಾರ್ಥಿಯನ್ನು ಆಸ್ಪತ್ರೆಗೆ ದಾಖಲಿಸಿದರೂ ಚಿಕಿತ್ಸೆ ಫಲಕಾರಿಯಾಗದೆ ಮೃತಪಟ್ಟಿದ್ದಾನೆ. ಕಲಬುರಗಿಯ ಖಾಸಗಿ ಪ್ಯಾರಾ ಮೆಡಿಕಲ್ ಕಾಲೇಜಿನಲ್ಲಿ ಓದುತ್ತಿದ್ದ. ಯಾವುದೇ ಅನಾರೋಗ್ಯ ಇಲ್ಲದ ವಿದ್ಯಾರ್ಥಿ ಹೃದಯಾಘಾತಕ್ಕೆ ಬಲಿಯಾಗಿರುವುದು ಆತಂಕ ಮೂಡಿಸಿದೆ. ಯುವಜನರಲ್ಲಿ ಹೃದಯಾಘಾತ ಪ್ರಕರಣಗಳು ಹೆಚ್ಚುತ್ತಿರುವುದು ಕಳವಳಕಾರಿ ಬೆಳವಣಿಗೆ ಎಂದು ವೈದ್ಯರು ಹೇಳಿದ್ದಾರೆ. ಮೃತನ ಕುಟುಂಬದಲ್ಲಿ ಆಕ್ರಂದನ ಮುಗಿಲುಮುಟ್ಟಿದೆ.
